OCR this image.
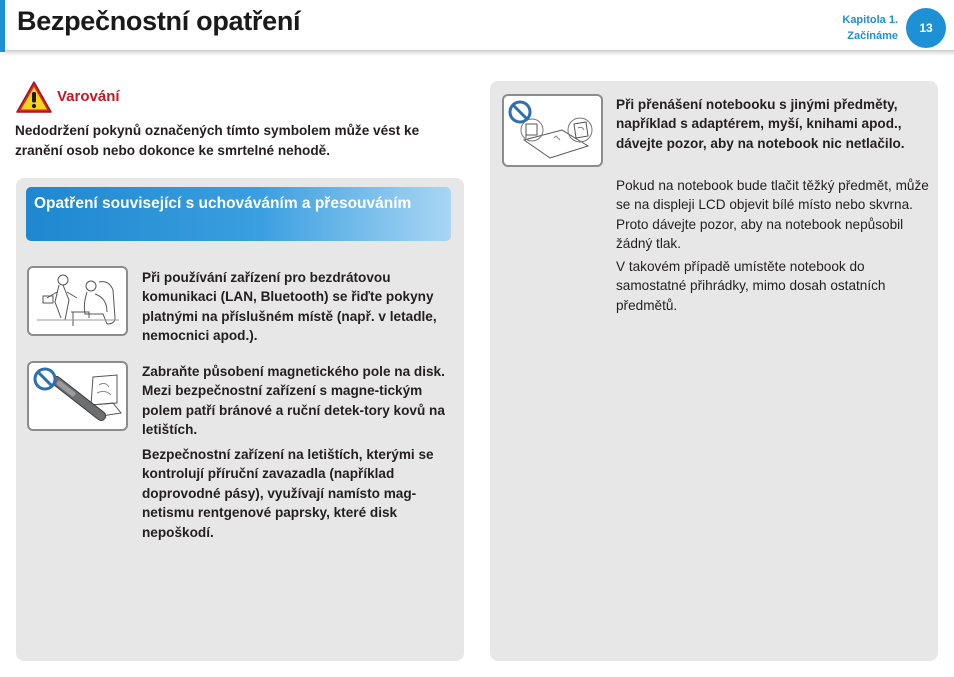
Bezpečnostní opatření	Kapitola 1.
Začínáme
13
Varování
Nedodržení pokynů označených tímto symbolem může vést ke zranění osob nebo dokonce ke smrtelné nehodě.
Opatření související s uchováváním a přesouváním
Při používání zařízení pro bezdrátovou komunikaci (LAN, Bluetooth) se řiďte pokyny platnými na příslušném místě (např. v letadle, nemocnici apod.).
Zabraňte působení magnetického pole na disk. Mezi bezpečnostní zařízení s magne-tickým polem patří bránové a ruční detek-tory kovů na letištích.
Bezpečnostní zařízení na letištích, kterými se kontrolují příruční zavazadla (například doprovodné pásy), využívají namísto mag-netismu rentgenové paprsky, které disk nepoškodí.
Při přenášení notebooku s jinými předměty, například s adaptérem, myší, knihami apod., dávejte pozor, aby na notebook nic netlačilo.
Pokud na notebook bude tlačit těžký předmět, může se na displeji LCD objevit bílé místo nebo skvrna. Proto dávejte pozor, aby na notebook nepůsobil žádný tlak.
V takovém případě umístěte notebook do samostatné přihrádky, mimo dosah ostatních předmětů.
